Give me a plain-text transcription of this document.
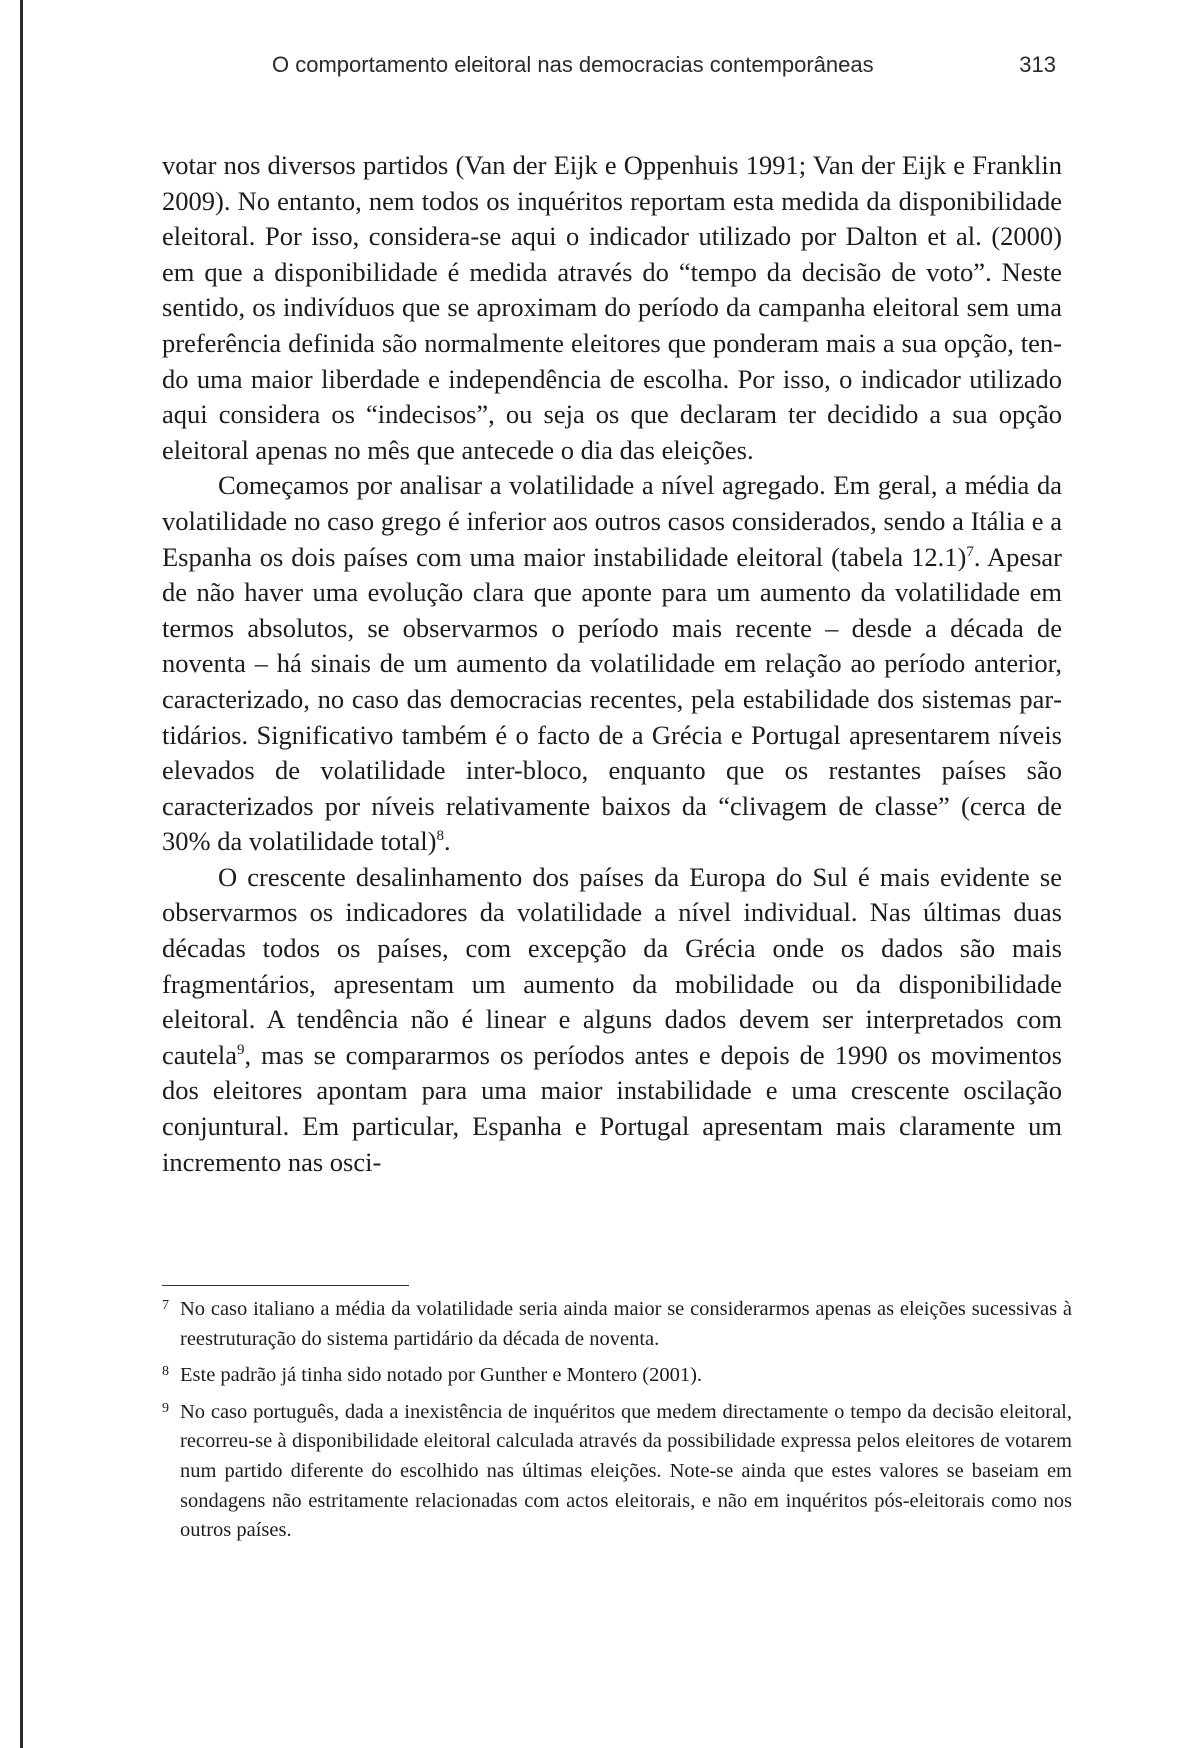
O comportamento eleitoral nas democracias contemporâneas	313

votar nos diversos partidos (Van der Eijk e Oppenhuis 1991; Van der Eijk e Franklin 2009). No entanto, nem todos os inquéritos reportam esta medida da disponibilidade eleitoral. Por isso, considera-se aqui o indicador utilizado por Dalton et al. (2000) em que a disponibilidade é medida através do “tempo da decisão de voto”. Neste sentido, os indivíduos que se aproximam do período da campanha eleitoral sem uma preferência definida são normalmente eleitores que ponderam mais a sua opção, tendo uma maior liberdade e independência de escolha. Por isso, o indicador utilizado aqui considera os “indecisos”, ou seja os que declaram ter decidido a sua opção eleitoral apenas no mês que antecede o dia das eleições.

Começamos por analisar a volatilidade a nível agregado. Em geral, a média da volatilidade no caso grego é inferior aos outros casos considerados, sendo a Itália e a Espanha os dois países com uma maior instabilidade eleitoral (tabela 12.1)$^7$. Apesar de não haver uma evolução clara que aponte para um aumento da volatilidade em termos absolutos, se observarmos o período mais recente – desde a década de noventa – há sinais de um aumento da volatilidade em relação ao período anterior, caracterizado, no caso das democracias recentes, pela estabilidade dos sistemas partidários. Significativo também é o facto de a Grécia e Portugal apresentarem níveis elevados de volatilidade inter-bloco, enquanto que os restantes países são caracterizados por níveis relativamente baixos da “clivagem de classe” (cerca de 30% da volatilidade total)$^8$.

O crescente desalinhamento dos países da Europa do Sul é mais evidente se observarmos os indicadores da volatilidade a nível individual. Nas últimas duas décadas todos os países, com excepção da Grécia onde os dados são mais fragmentários, apresentam um aumento da mobilidade ou da disponibilidade eleitoral. A tendência não é linear e alguns dados devem ser interpretados com cautela$^9$, mas se compararmos os períodos antes e depois de 1990 os movimentos dos eleitores apontam para uma maior instabilidade e uma crescente oscilação conjuntural. Em particular, Espanha e Portugal apresentam mais claramente um incremento nas osci-

7 No caso italiano a média da volatilidade seria ainda maior se considerarmos apenas as eleições sucessivas à reestruturação do sistema partidário da década de noventa.

8 Este padrão já tinha sido notado por Gunther e Montero (2001).

9 No caso português, dada a inexistência de inquéritos que medem directamente o tempo da decisão eleitoral, recorreu-se à disponibilidade eleitoral calculada através da possibilidade expressa pelos eleitores de votarem num partido diferente do escolhido nas últimas eleições. Note-se ainda que estes valores se baseiam em sondagens não estritamente relacionadas com actos eleitorais, e não em inquéritos pós-eleitorais como nos outros países.
